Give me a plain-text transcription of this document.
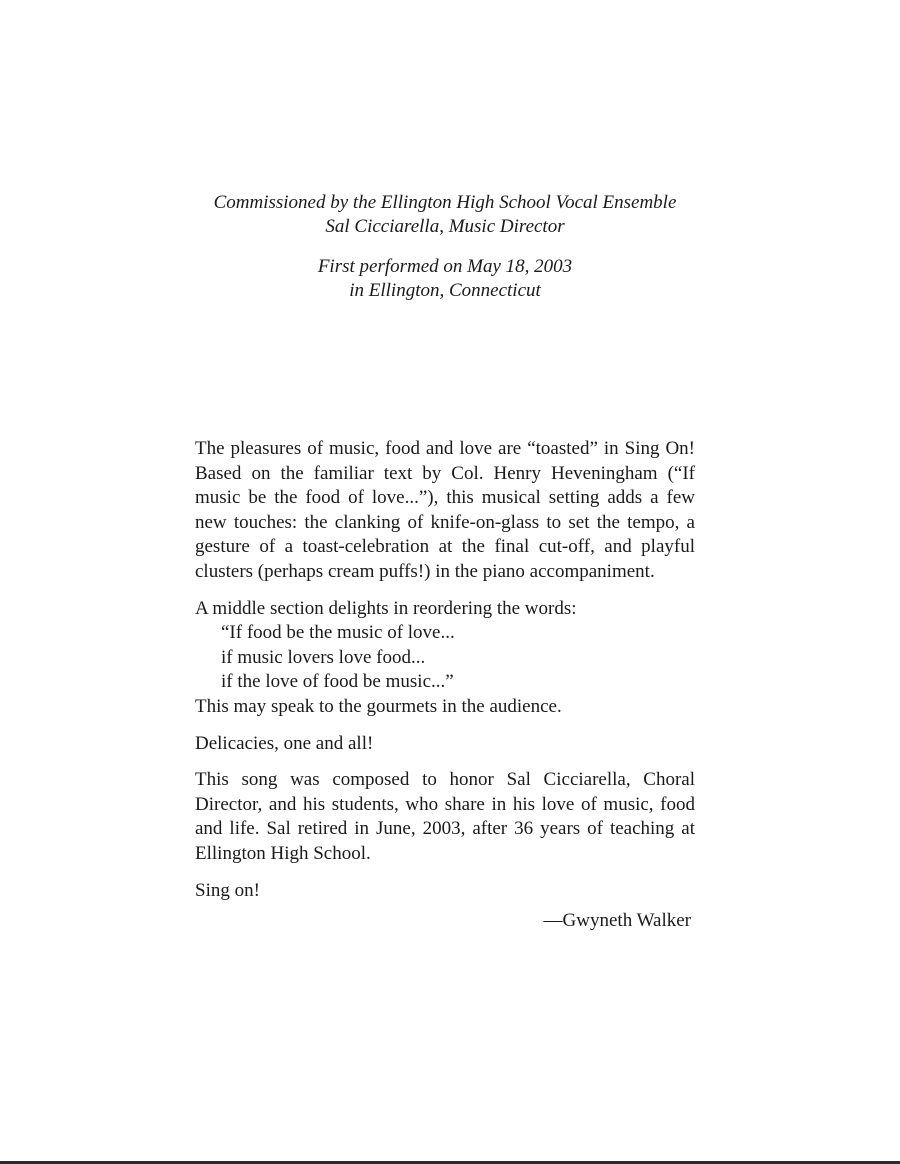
Commissioned by the Ellington High School Vocal Ensemble
Sal Cicciarella, Music Director
First performed on May 18, 2003
in Ellington, Connecticut

The pleasures of music, food and love are “toasted” in Sing On! Based on the familiar text by Col. Henry Heveningham (“If music be the food of love...”), this musical setting adds a few new touches: the clanking of knife-on-glass to set the tempo, a gesture of a toast-celebration at the final cut-off, and playful clusters (perhaps cream puffs!) in the piano accompaniment.

A middle section delights in reordering the words:
“If food be the music of love...
if music lovers love food...
if the love of food be music...”

This may speak to the gourmets in the audience.

Delicacies, one and all!

This song was composed to honor Sal Cicciarella, Choral Director, and his students, who share in his love of music, food and life. Sal retired in June, 2003, after 36 years of teaching at Ellington High School.

Sing on!

—Gwyneth Walker
